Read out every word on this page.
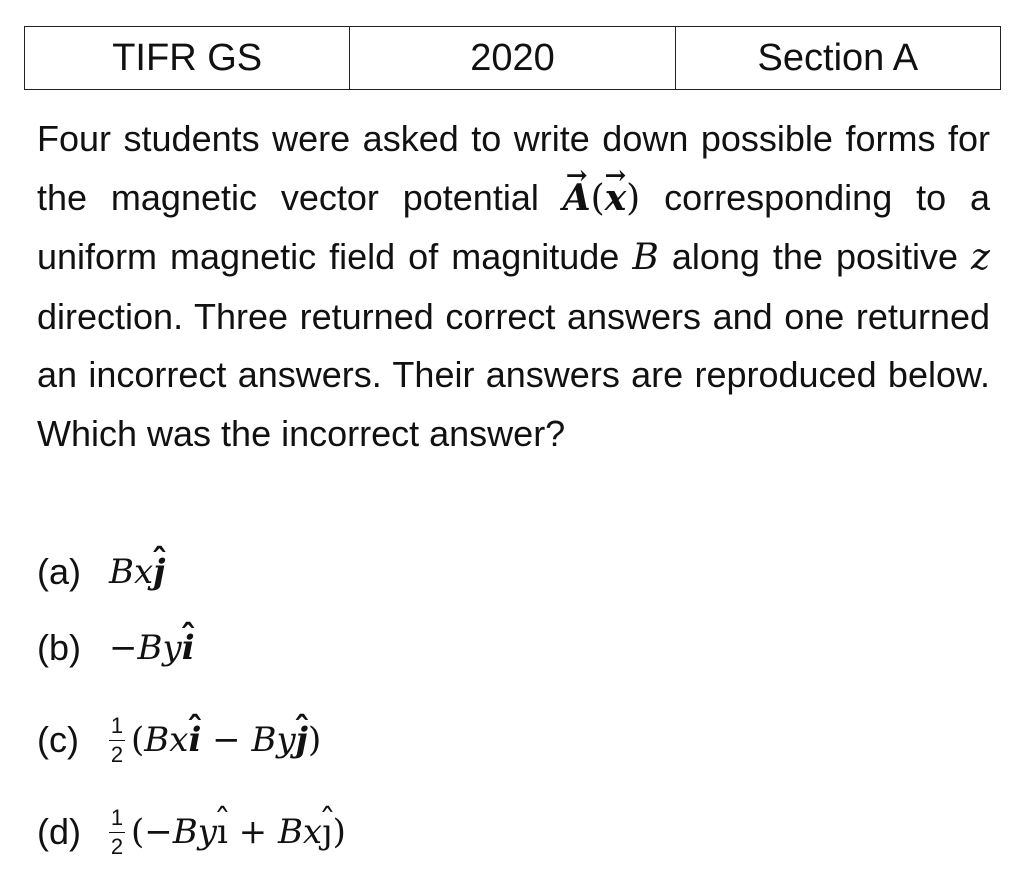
TIFR GS	2020	Section A
Four students were asked to write down possible forms for the magnetic vector potential → A(→ x) corresponding to a uniform magnetic field of magnitude B along the positive z direction. Three returned correct answers and one returned an incorrect answers. Their answers are reproduced below. Which was the incorrect answer?
(a) Bx j ˆ
(b) −By i ˆ
(c)	$\frac{1}{2}$ ( Bx i ˆ − By j ˆ )
(d)	$\frac{1}{2}$ ( −By ı ˆ + Bx ȷ ˆ )
